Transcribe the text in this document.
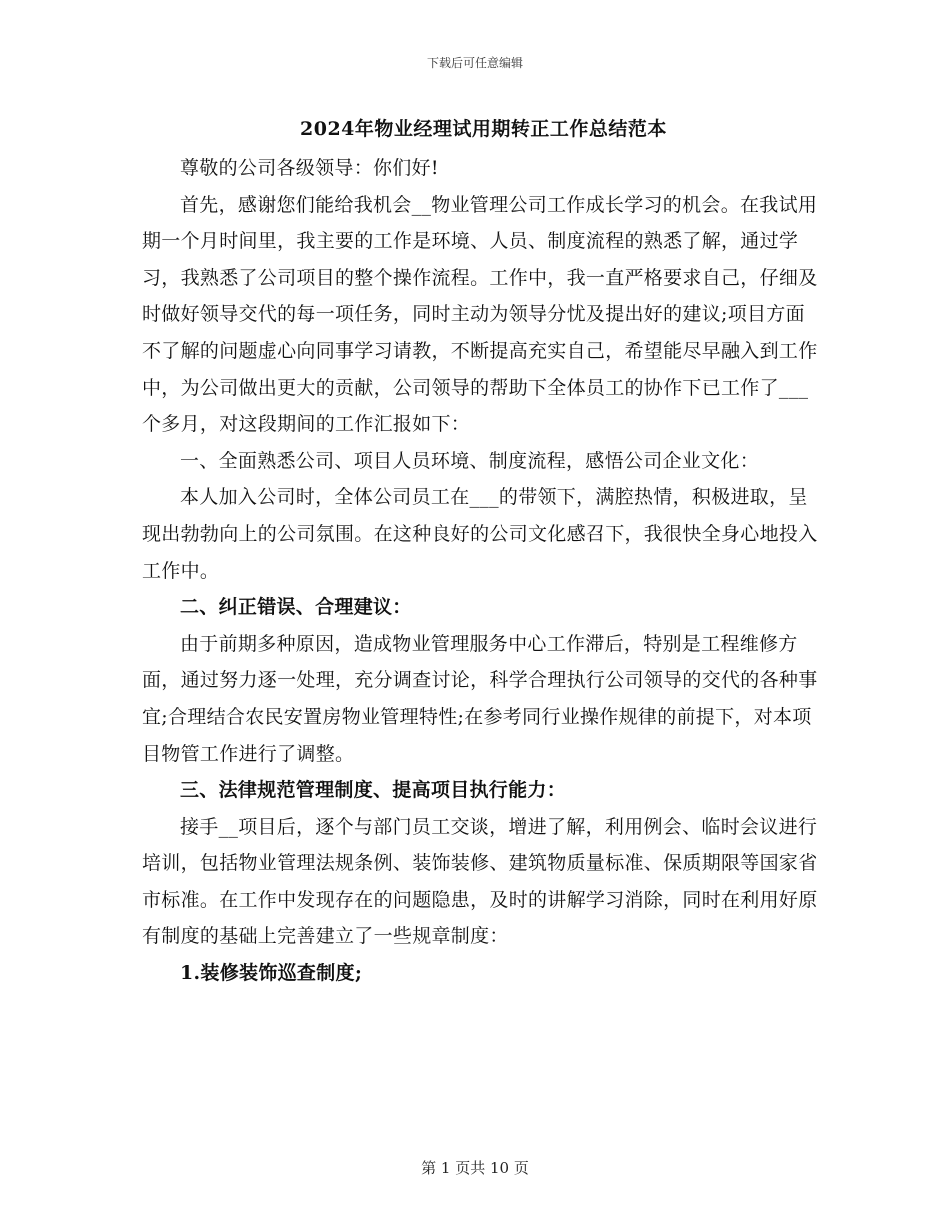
下载后可任意编辑
2024年物业经理试用期转正工作总结范本

尊敬的公司各级领导：你们好!

首先，感谢您们能给我机会__物业管理公司工作成长学习的机会。在我试用期一个月时间里，我主要的工作是环境、人员、制度流程的熟悉了解，通过学习，我熟悉了公司项目的整个操作流程。工作中，我一直严格要求自己，仔细及时做好领导交代的每一项任务，同时主动为领导分忧及提出好的建议;项目方面不了解的问题虚心向同事学习请教，不断提高充实自己，希望能尽早融入到工作中，为公司做出更大的贡献，公司领导的帮助下全体员工的协作下已工作了___个多月，对这段期间的工作汇报如下：

一、全面熟悉公司、项目人员环境、制度流程，感悟公司企业文化：

本人加入公司时，全体公司员工在___的带领下，满腔热情，积极进取，呈现出勃勃向上的公司氛围。在这种良好的公司文化感召下，我很快全身心地投入工作中。

二、纠正错误、合理建议：

由于前期多种原因，造成物业管理服务中心工作滞后，特别是工程维修方面，通过努力逐一处理，充分调查讨论，科学合理执行公司领导的交代的各种事宜;合理结合农民安置房物业管理特性;在参考同行业操作规律的前提下，对本项目物管工作进行了调整。

三、法律规范管理制度、提高项目执行能力：

接手__项目后，逐个与部门员工交谈，增进了解，利用例会、临时会议进行培训，包括物业管理法规条例、装饰装修、建筑物质量标准、保质期限等国家省市标准。在工作中发现存在的问题隐患，及时的讲解学习消除，同时在利用好原有制度的基础上完善建立了一些规章制度：

1.装修装饰巡查制度;

第 1 页共 10 页
